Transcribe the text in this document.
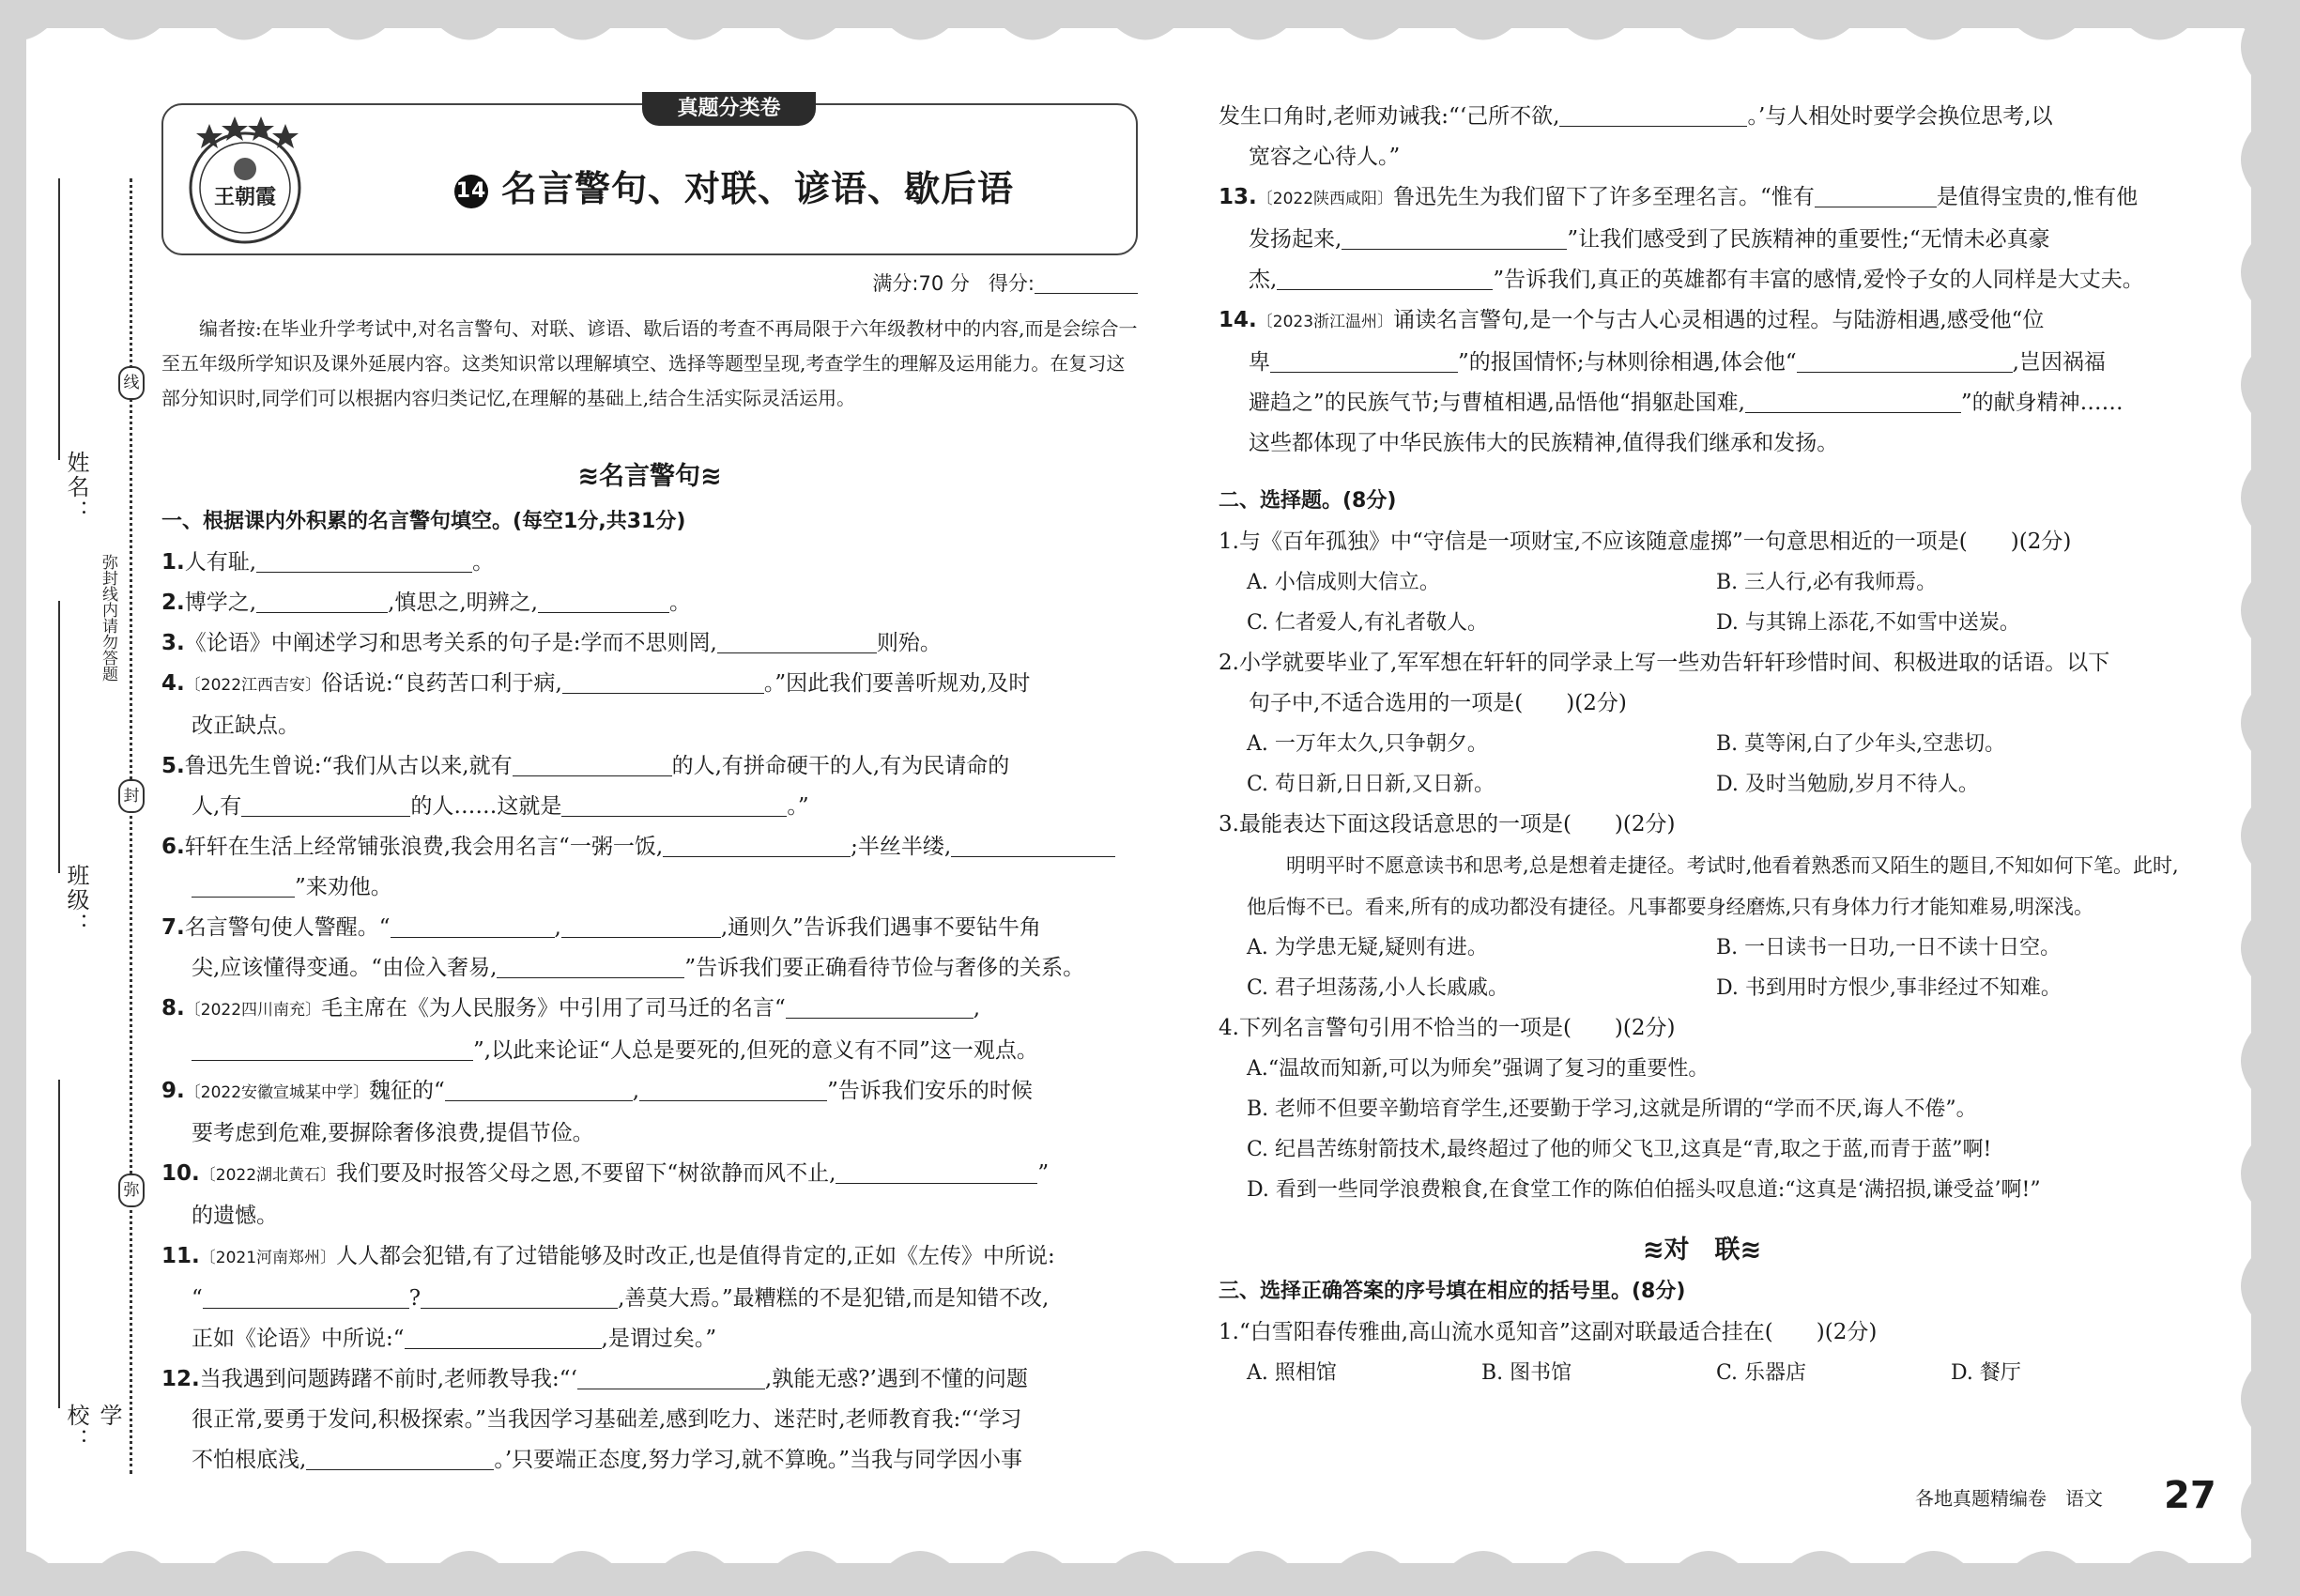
姓名：
班级：
学校：
线
封
弥
弥封线内请勿答题
真题分类卷
王朝霞	14 名言警句、对联、谚语、歇后语
满分:70 分 得分:
编者按:在毕业升学考试中,对名言警句、对联、谚语、歇后语的考查不再局限于六年级教材中的内容,而是会综合一至五年级所学知识及课外延展内容。这类知识常以理解填空、选择等题型呈现,考查学生的理解及运用能力。在复习这部分知识时,同学们可以根据内容归类记忆,在理解的基础上,结合生活实际灵活运用。
≋名言警句≋
一、根据课内外积累的名言警句填空。(每空1分,共31分)
1.人有耻,	。
2.博学之,	,慎思之,明辨之,	。
3.《论语》中阐述学习和思考关系的句子是:学而不思则罔,	则殆。
4.〔2022江西吉安〕俗话说:“良药苦口利于病,	。”因此我们要善听规劝,及时
改正缺点。
5.鲁迅先生曾说:“我们从古以来,就有	的人,有拼命硬干的人,有为民请命的
人,有	的人……这就是	。”
6.轩轩在生活上经常铺张浪费,我会用名言“一粥一饭,	;半丝半缕,
”来劝他。
7.名言警句使人警醒。“	,	,通则久”告诉我们遇事不要钻牛角
尖,应该懂得变通。“由俭入奢易,	”告诉我们要正确看待节俭与奢侈的关系。
8.〔2022四川南充〕毛主席在《为人民服务》中引用了司马迁的名言“	,
”,以此来论证“人总是要死的,但死的意义有不同”这一观点。
9.〔2022安徽宣城某中学〕魏征的“	,	”告诉我们安乐的时候
要考虑到危难,要摒除奢侈浪费,提倡节俭。
10.〔2022湖北黄石〕我们要及时报答父母之恩,不要留下“树欲静而风不止,	”
的遗憾。
11.〔2021河南郑州〕人人都会犯错,有了过错能够及时改正,也是值得肯定的,正如《左传》中所说:
“	?	,善莫大焉。”最糟糕的不是犯错,而是知错不改,
正如《论语》中所说:“	,是谓过矣。”
12.当我遇到问题踌躇不前时,老师教导我:“‘	,孰能无惑?’遇到不懂的问题
很正常,要勇于发问,积极探索。”当我因学习基础差,感到吃力、迷茫时,老师教育我:“‘学习
不怕根底浅,	。’只要端正态度,努力学习,就不算晚。”当我与同学因小事
发生口角时,老师劝诫我:“‘己所不欲,	。’与人相处时要学会换位思考,以
宽容之心待人。”
13.〔2022陕西咸阳〕鲁迅先生为我们留下了许多至理名言。“惟有	是值得宝贵的,惟有他
发扬起来,	”让我们感受到了民族精神的重要性;“无情未必真豪
杰,	”告诉我们,真正的英雄都有丰富的感情,爱怜子女的人同样是大丈夫。
14.〔2023浙江温州〕诵读名言警句,是一个与古人心灵相遇的过程。与陆游相遇,感受他“位
卑	”的报国情怀;与林则徐相遇,体会他“	,岂因祸福
避趋之”的民族气节;与曹植相遇,品悟他“捐躯赴国难,	”的献身精神……
这些都体现了中华民族伟大的民族精神,值得我们继承和发扬。
二、选择题。(8分)
1.与《百年孤独》中“守信是一项财宝,不应该随意虚掷”一句意思相近的一项是(　　)(2分)
A. 小信成则大信立。	B. 三人行,必有我师焉。
C. 仁者爱人,有礼者敬人。	D. 与其锦上添花,不如雪中送炭。
2.小学就要毕业了,军军想在轩轩的同学录上写一些劝告轩轩珍惜时间、积极进取的话语。以下
句子中,不适合选用的一项是(　　)(2分)
A. 一万年太久,只争朝夕。	B. 莫等闲,白了少年头,空悲切。
C. 苟日新,日日新,又日新。	D. 及时当勉励,岁月不待人。
3.最能表达下面这段话意思的一项是(　　)(2分)
明明平时不愿意读书和思考,总是想着走捷径。考试时,他看着熟悉而又陌生的题目,不知如何下笔。此时,他后悔不已。看来,所有的成功都没有捷径。凡事都要身经磨炼,只有身体力行才能知难易,明深浅。
A. 为学患无疑,疑则有进。	B. 一日读书一日功,一日不读十日空。
C. 君子坦荡荡,小人长戚戚。	D. 书到用时方恨少,事非经过不知难。
4.下列名言警句引用不恰当的一项是(　　)(2分)
A.“温故而知新,可以为师矣”强调了复习的重要性。
B. 老师不但要辛勤培育学生,还要勤于学习,这就是所谓的“学而不厌,诲人不倦”。
C. 纪昌苦练射箭技术,最终超过了他的师父飞卫,这真是“青,取之于蓝,而青于蓝”啊!
D. 看到一些同学浪费粮食,在食堂工作的陈伯伯摇头叹息道:“这真是‘满招损,谦受益’啊!”
≋对　联≋
三、选择正确答案的序号填在相应的括号里。(8分)
1.“白雪阳春传雅曲,高山流水觅知音”这副对联最适合挂在(　　)(2分)
A. 照相馆	B. 图书馆	C. 乐器店	D. 餐厅
各地真题精编卷　语文 27
